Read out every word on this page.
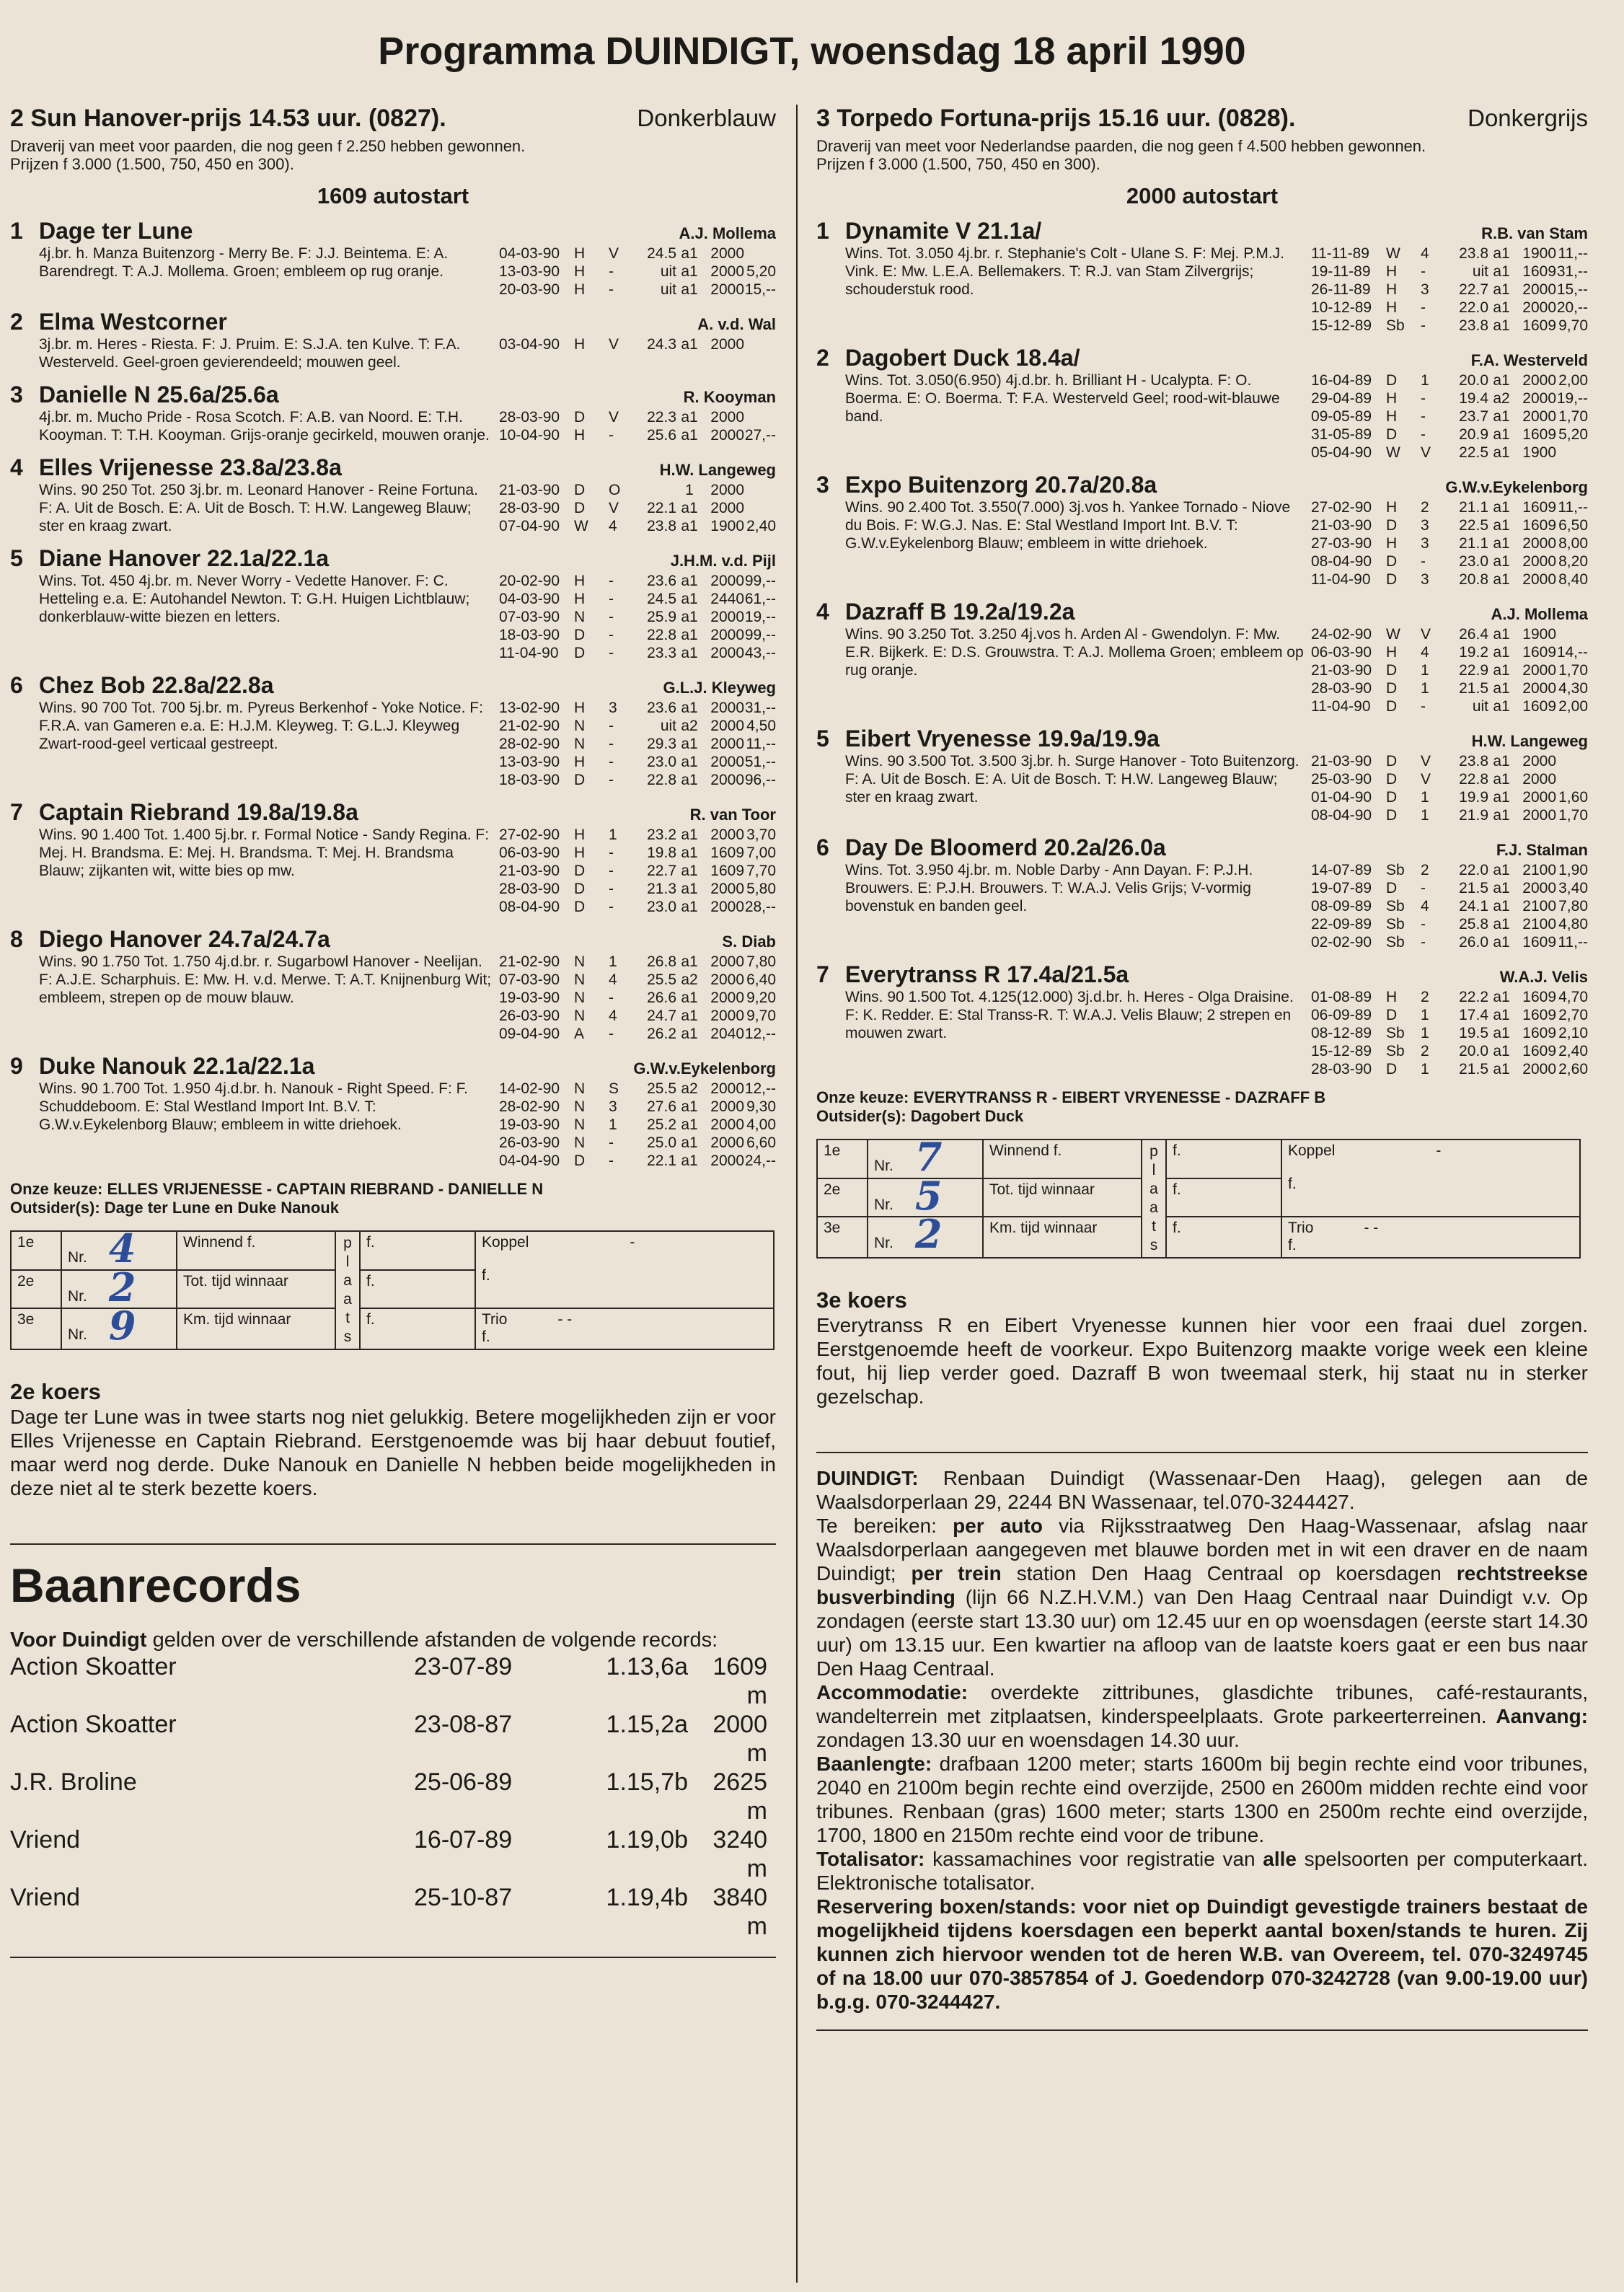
Programma DUINDIGT, woensdag 18 april 1990
2 Sun Hanover-prijs 14.53 uur. (0827).	Donkerblauw
Draverij van meet voor paarden, die nog geen f 2.250 hebben gewonnen.
Prijzen f 3.000 (1.500, 750, 450 en 300).
1609 autostart
1 Dage ter Lune	A.J. Mollema
4j.br. h. Manza Buitenzorg - Merry Be. F: J.J. Beintema. E: A. Barendregt. T: A.J. Mollema. Groen; embleem op rug oranje.
04-03-90 H	V	24.5 a1 2000
13-03-90 H	-	uit a1 2000 5,20
20-03-90 H	-	uit a1 2000 15,--
2 Elma Westcorner	A. v.d. Wal
3j.br. m. Heres - Riesta. F: J. Pruim. E: S.J.A. ten Kulve. T: F.A. Westerveld. Geel-groen gevierendeeld; mouwen geel.
03-04-90 H	V	24.3 a1 2000
3 Danielle N 25.6a/25.6a	R. Kooyman
4j.br. m. Mucho Pride - Rosa Scotch. F: A.B. van Noord. E: T.H. Kooyman. T: T.H. Kooyman. Grijs-oranje gecirkeld, mouwen oranje.
28-03-90 D	V	22.3 a1 2000
10-04-90 H	-	25.6 a1 2000 27,--
4 Elles Vrijenesse 23.8a/23.8a	H.W. Langeweg
Wins. 90 250 Tot. 250 3j.br. m. Leonard Hanover - Reine Fortuna. F: A. Uit de Bosch. E: A. Uit de Bosch. T: H.W. Langeweg Blauw; ster en kraag zwart.
21-03-90 D	O	1	2000
28-03-90 D	V	22.1 a1 2000
07-04-90 W	4	23.8 a1 1900 2,40
5 Diane Hanover 22.1a/22.1a	J.H.M. v.d. Pijl
Wins. Tot. 450 4j.br. m. Never Worry - Vedette Hanover. F: C. Hetteling e.a. E: Autohandel Newton. T: G.H. Huigen Lichtblauw; donkerblauw-witte biezen en letters.
20-02-90 H	-	23.6 a1 2000 99,--
04-03-90 H	-	24.5 a1 2440 61,--
07-03-90 N	-	25.9 a1 2000 19,--
18-03-90 D	-	22.8 a1 2000 99,--
11-04-90	D	-	23.3 a1 2000 43,--
6 Chez Bob 22.8a/22.8a	G.L.J. Kleyweg
Wins. 90 700 Tot. 700 5j.br. m. Pyreus Berkenhof - Yoke Notice. F: F.R.A. van Gameren e.a. E: H.J.M. Kleyweg. T: G.L.J. Kleyweg Zwart-rood-geel verticaal gestreept.
13-02-90 H	3	23.6 a1 2000 31,--
21-02-90 N	-	uit a2 2000 4,50
28-02-90 N	-	29.3 a1 2000 11,--
13-03-90 H	-	23.0 a1 2000 51,--
18-03-90 D	-	22.8 a1 2000 96,--
7 Captain Riebrand 19.8a/19.8a	R. van Toor
Wins. 90 1.400 Tot. 1.400 5j.br. r. Formal Notice - Sandy Regina. F: Mej. H. Brandsma. E: Mej. H. Brandsma. T: Mej. H. Brandsma Blauw; zijkanten wit, witte bies op mw.
27-02-90 H	1	23.2 a1 2000 3,70
06-03-90 H	-	19.8 a1 1609 7,00
21-03-90 D	-	22.7 a1 1609 7,70
28-03-90 D	-	21.3 a1 2000 5,80
08-04-90 D	-	23.0 a1 2000 28,--
8 Diego Hanover 24.7a/24.7a	S. Diab
Wins. 90 1.750 Tot. 1.750 4j.d.br. r. Sugarbowl Hanover - Neelijan. F: A.J.E. Scharphuis. E: Mw. H. v.d. Merwe. T: A.T. Knijnenburg Wit; embleem, strepen op de mouw blauw.
21-02-90 N	1	26.8 a1 2000 7,80
07-03-90 N	4	25.5 a2 2000 6,40
19-03-90 N	-	26.6 a1 2000 9,20
26-03-90 N	4	24.7 a1 2000 9,70
09-04-90 A	-	26.2 a1 2040 12,--
9 Duke Nanouk 22.1a/22.1a	G.W.v.Eykelenborg
Wins. 90 1.700 Tot. 1.950 4j.d.br. h. Nanouk - Right Speed. F: F. Schuddeboom. E: Stal Westland Import Int. B.V. T: G.W.v.Eykelenborg Blauw; embleem in witte driehoek.
14-02-90 N	S	25.5 a2 2000 12,--
28-02-90 N	3	27.6 a1 2000 9,30
19-03-90 N	1	25.2 a1 2000 4,00
26-03-90 N	-	25.0 a1 2000 6,60
04-04-90 D	-	22.1 a1 2000 24,--
Onze keuze: ELLES VRIJENESSE - CAPTAIN RIEBRAND - DANIELLE N
Outsider(s): Dage ter Lune en Duke Nanouk
1e	Nr. 4	Winnend f.	p l a a t s	f.	Koppel -
f.

2e	Nr. 2	Tot. tijd winnaar		f.	
3e	Nr. 9	Km. tijd winnaar		f.	Trio - -
f.
2e koers
Dage ter Lune was in twee starts nog niet gelukkig. Betere mogelijkheden zijn er voor Elles Vrijenesse en Captain Riebrand. Eerstgenoemde was bij haar debuut foutief, maar werd nog derde. Duke Nanouk en Danielle N hebben beide mogelijkheden in deze niet al te sterk bezette koers.
Baanrecords
Voor Duindigt gelden over de verschillende afstanden de volgende records:
Action Skoatter	23-07-89	1.13,6a	1609 m
Action Skoatter	23-08-87	1.15,2a	2000 m
J.R. Broline	25-06-89	1.15,7b	2625 m
Vriend	16-07-89	1.19,0b	3240 m
Vriend	25-10-87	1.19,4b	3840 m
3 Torpedo Fortuna-prijs 15.16 uur. (0828).	Donkergrijs
Draverij van meet voor Nederlandse paarden, die nog geen f 4.500 hebben gewonnen.
Prijzen f 3.000 (1.500, 750, 450 en 300).
2000 autostart
1 Dynamite V 21.1a/	R.B. van Stam
Wins. Tot. 3.050 4j.br. r. Stephanie's Colt - Ulane S. F: Mej. P.M.J. Vink. E: Mw. L.E.A. Bellemakers. T: R.J. van Stam Zilvergrijs; schouderstuk rood.
11-11-89	W	4	23.8 a1 1900 11,--
19-11-89	H	-	uit a1 1609 31,--
26-11-89	H	3	22.7 a1 2000 15,--
10-12-89 H	-	22.0 a1 2000 20,--
15-12-89 Sb	-	23.8 a1 1609 9,70
2 Dagobert Duck 18.4a/	F.A. Westerveld
Wins. Tot. 3.050(6.950) 4j.d.br. h. Brilliant H - Ucalypta. F: O. Boerma. E: O. Boerma. T: F.A. Westerveld Geel; rood-wit-blauwe band.
16-04-89 D	1	20.0 a1 2000 2,00
29-04-89 H	-	19.4 a2 2000 19,--
09-05-89 H	-	23.7 a1 2000 1,70
31-05-89 D	-	20.9 a1 1609 5,20
05-04-90 W	V	22.5 a1 1900
3 Expo Buitenzorg 20.7a/20.8a	G.W.v.Eykelenborg
Wins. 90 2.400 Tot. 3.550(7.000) 3j.vos h. Yankee Tornado - Niove du Bois. F: W.G.J. Nas. E: Stal Westland Import Int. B.V. T: G.W.v.Eykelenborg Blauw; embleem in witte driehoek.
27-02-90 H	2	21.1 a1 1609 11,--
21-03-90 D	3	22.5 a1 1609 6,50
27-03-90 H	3	21.1 a1 2000 8,00
08-04-90 D	-	23.0 a1 2000 8,20
11-04-90	D	3	20.8 a1 2000 8,40
4 Dazraff B 19.2a/19.2a	A.J. Mollema
Wins. 90 3.250 Tot. 3.250 4j.vos h. Arden Al - Gwendolyn. F: Mw. E.R. Bijkerk. E: D.S. Grouwstra. T: A.J. Mollema Groen; embleem op rug oranje.
24-02-90 W	V	26.4 a1 1900
06-03-90 H	4	19.2 a1 1609 14,--
21-03-90 D	1	22.9 a1 2000 1,70
28-03-90 D	1	21.5 a1 2000 4,30
11-04-90	D	-	uit a1 1609 2,00
5 Eibert Vryenesse 19.9a/19.9a	H.W. Langeweg
Wins. 90 3.500 Tot. 3.500 3j.br. h. Surge Hanover - Toto Buitenzorg. F: A. Uit de Bosch. E: A. Uit de Bosch. T: H.W. Langeweg Blauw; ster en kraag zwart.
21-03-90 D	V	23.8 a1 2000
25-03-90 D	V	22.8 a1 2000
01-04-90 D	1	19.9 a1 2000 1,60
08-04-90 D	1	21.9 a1 2000 1,70
6 Day De Bloomerd 20.2a/26.0a	F.J. Stalman
Wins. Tot. 3.950 4j.br. m. Noble Darby - Ann Dayan. F: P.J.H. Brouwers. E: P.J.H. Brouwers. T: W.A.J. Velis Grijs; V-vormig bovenstuk en banden geel.
14-07-89 Sb	2	22.0 a1 2100 1,90
19-07-89 D	-	21.5 a1 2000 3,40
08-09-89 Sb	4	24.1 a1 2100 7,80
22-09-89 Sb	-	25.8 a1 2100 4,80
02-02-90 Sb	-	26.0 a1 1609 11,--
7 Everytranss R 17.4a/21.5a	W.A.J. Velis
Wins. 90 1.500 Tot. 4.125(12.000) 3j.d.br. h. Heres - Olga Draisine. F: K. Redder. E: Stal Transs-R. T: W.A.J. Velis Blauw; 2 strepen en mouwen zwart.
01-08-89 H	2	22.2 a1 1609 4,70
06-09-89 D	1	17.4 a1 1609 2,70
08-12-89 Sb	1	19.5 a1 1609 2,10
15-12-89 Sb	2	20.0 a1 1609 2,40
28-03-90 D	1	21.5 a1 2000 2,60
Onze keuze: EVERYTRANSS R - EIBERT VRYENESSE - DAZRAFF B
Outsider(s): Dagobert Duck
1e	Nr. 7	Winnend f.	p l a a t s	f.	Koppel -
f.

2e	Nr. 5	Tot. tijd winnaar		f.	
3e	Nr. 2	Km. tijd winnaar		f.	Trio - -
f.
3e koers
Everytranss R en Eibert Vryenesse kunnen hier voor een fraai duel zorgen. Eerstgenoemde heeft de voorkeur. Expo Buitenzorg maakte vorige week een kleine fout, hij liep verder goed. Dazraff B won tweemaal sterk, hij staat nu in sterker gezelschap.

DUINDIGT: Renbaan Duindigt (Wassenaar-Den Haag), gelegen aan de Waalsdorperlaan 29, 2244 BN Wassenaar, tel.070-3244427.

Te bereiken: per auto via Rijksstraatweg Den Haag-Wassenaar, afslag naar Waalsdorperlaan aangegeven met blauwe borden met in wit een draver en de naam Duindigt; per trein station Den Haag Centraal op koersdagen rechtstreekse busverbinding (lijn 66 N.Z.H.V.M.) van Den Haag Centraal naar Duindigt v.v. Op zondagen (eerste start 13.30 uur) om 12.45 uur en op woensdagen (eerste start 14.30 uur) om 13.15 uur. Een kwartier na afloop van de laatste koers gaat er een bus naar Den Haag Centraal.

Accommodatie: overdekte zittribunes, glasdichte tribunes, café-restaurants, wandelterrein met zitplaatsen, kinderspeelplaats. Grote parkeerterreinen. Aanvang: zondagen 13.30 uur en woensdagen 14.30 uur.

Baanlengte: drafbaan 1200 meter; starts 1600m bij begin rechte eind voor tribunes, 2040 en 2100m begin rechte eind overzijde, 2500 en 2600m midden rechte eind voor tribunes. Renbaan (gras) 1600 meter; starts 1300 en 2500m rechte eind overzijde, 1700, 1800 en 2150m rechte eind voor de tribune.

Totalisator: kassamachines voor registratie van alle spelsoorten per computerkaart. Elektronische totalisator.

Reservering boxen/stands: voor niet op Duindigt gevestigde trainers bestaat de mogelijkheid tijdens koersdagen een beperkt aantal boxen/stands te huren. Zij kunnen zich hiervoor wenden tot de heren W.B. van Overeem, tel. 070-3249745 of na 18.00 uur 070-3857854 of J. Goedendorp 070-3242728 (van 9.00-19.00 uur) b.g.g. 070-3244427.
